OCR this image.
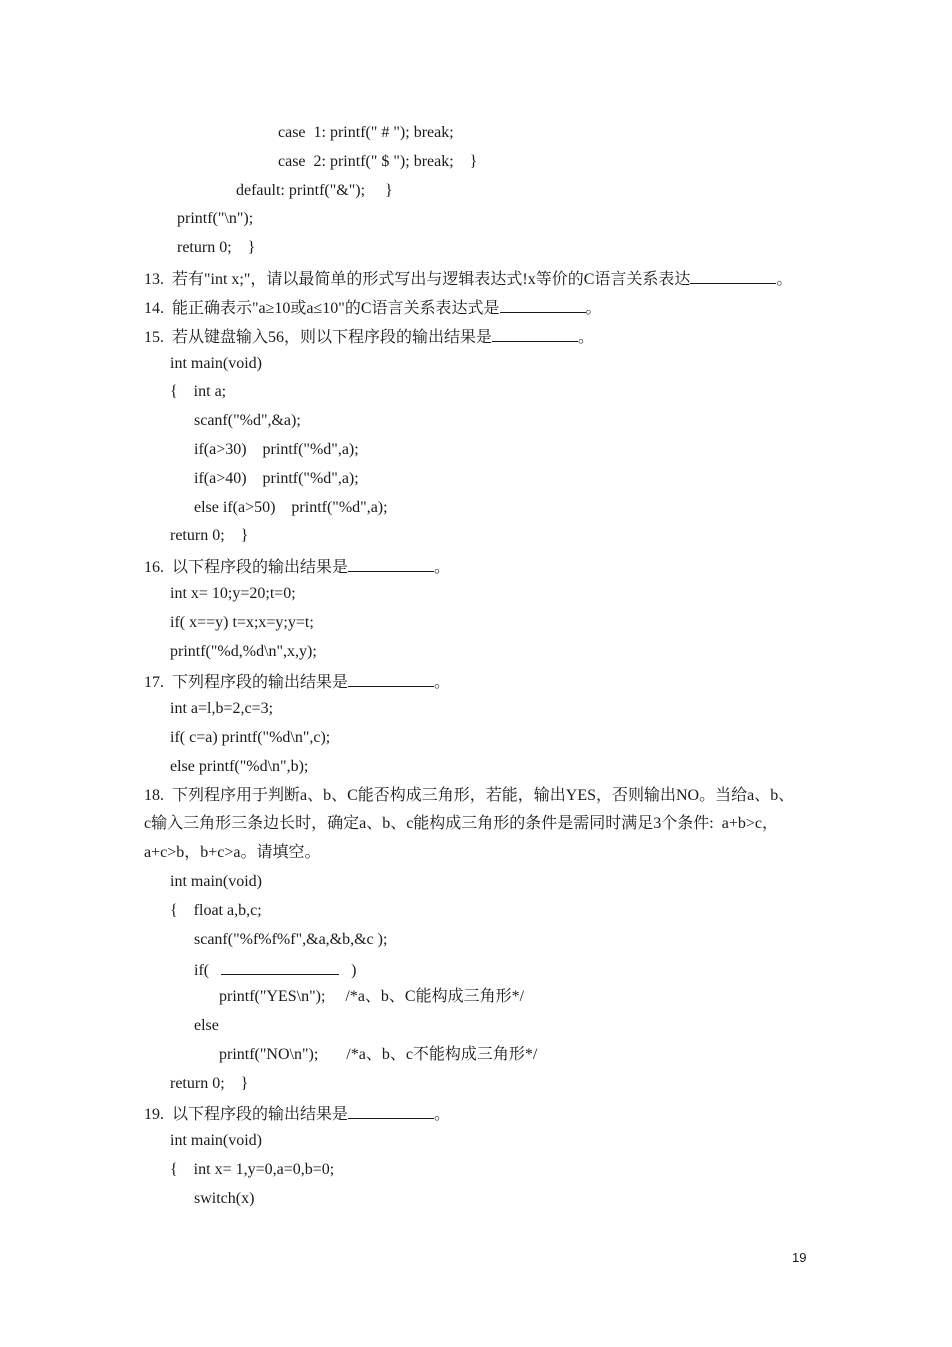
case  1: printf(" # "); break;
case  2: printf(" $ "); break;    }
default: printf("&");     }
printf("\n");
return 0;    }
13.  若有"int x;"，请以最简单的形式写出与逻辑表达式!x等价的C语言关系表达	。
14.  能正确表示"a≥10或a≤10"的C语言关系表达式是	。
15.  若从键盘输入56，则以下程序段的输出结果是	。
int main(void)
{    int a;
scanf("%d",&a);
if(a>30)    printf("%d",a);
if(a>40)    printf("%d",a);
else if(a>50)    printf("%d",a);
return 0;    }
16.  以下程序段的输出结果是	。
int x= 10;y=20;t=0;
if( x==y) t=x;x=y;y=t;
printf("%d,%d\n",x,y);
17.  下列程序段的输出结果是	。
int a=l,b=2,c=3;
if( c=a) printf("%d\n",c);
else printf("%d\n",b);
18.  下列程序用于判断a、b、C能否构成三角形，若能，输出YES，否则输出NO。当给a、b、
c输入三角形三条边长时，确定a、b、c能构成三角形的条件是需同时满足3个条件:  a+b>c，
a+c>b，b+c>a。请填空。
int main(void)
{    float a,b,c;
scanf("%f%f%f",&a,&b,&c );
if(	)
printf("YES\n");     /*a、b、C能构成三角形*/
else
printf("NO\n");       /*a、b、c不能构成三角形*/
return 0;    }
19.  以下程序段的输出结果是	。
int main(void)
{    int x= 1,y=0,a=0,b=0;
switch(x)
19
